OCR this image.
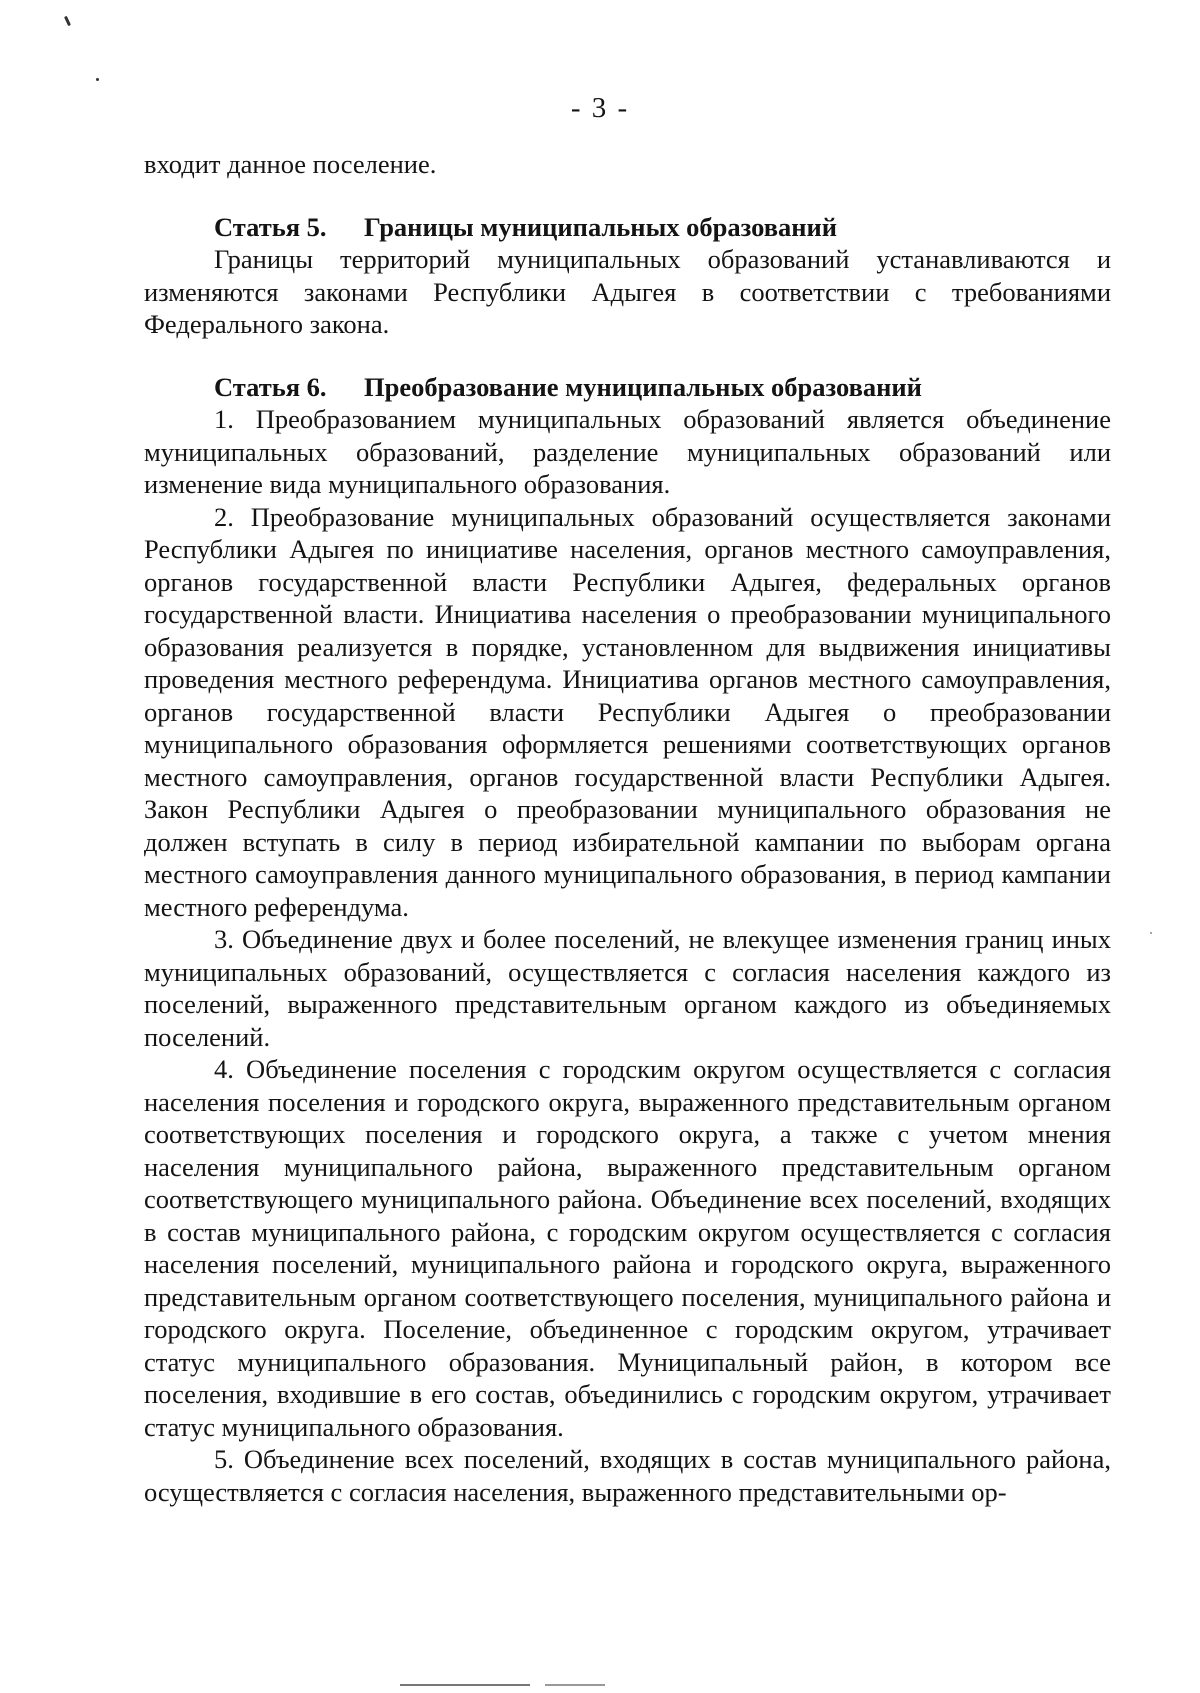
- 3 -

входит данное поселение.

Статья 5. Границы муниципальных образований

Границы территорий муниципальных образований устанавливаются и изменяются законами Республики Адыгея в соответствии с требованиями Федерального закона.

Статья 6. Преобразование муниципальных образований

1. Преобразованием муниципальных образований является объединение муниципальных образований, разделение муниципальных образований или изменение вида муниципального образования.

2. Преобразование муниципальных образований осуществляется законами Республики Адыгея по инициативе населения, органов местного самоуправления, органов государственной власти Республики Адыгея, федеральных органов государственной власти. Инициатива населения о преобразовании муниципального образования реализуется в порядке, установленном для выдвижения инициативы проведения местного референдума. Инициатива органов местного самоуправления, органов государственной власти Республики Адыгея о преобразовании муниципального образования оформляется решениями соответствующих органов местного самоуправления, органов государственной власти Республики Адыгея. Закон Республики Адыгея о преобразовании муниципального образования не должен вступать в силу в период избирательной кампании по выборам органа местного самоуправления данного муниципального образования, в период кампании местного референдума.

3. Объединение двух и более поселений, не влекущее изменения границ иных муниципальных образований, осуществляется с согласия населения каждого из поселений, выраженного представительным органом каждого из объединяемых поселений.

4. Объединение поселения с городским округом осуществляется с согласия населения поселения и городского округа, выраженного представительным органом соответствующих поселения и городского округа, а также с учетом мнения населения муниципального района, выраженного представительным органом соответствующего муниципального района. Объединение всех поселений, входящих в состав муниципального района, с городским округом осуществляется с согласия населения поселений, муниципального района и городского округа, выраженного представительным органом соответствующего поселения, муниципального района и городского округа. Поселение, объединенное с городским округом, утрачивает статус муниципального образования. Муниципальный район, в котором все поселения, входившие в его состав, объединились с городским округом, утрачивает статус муниципального образования.

5. Объединение всех поселений, входящих в состав муниципального района, осуществляется с согласия населения, выраженного представительными ор-
